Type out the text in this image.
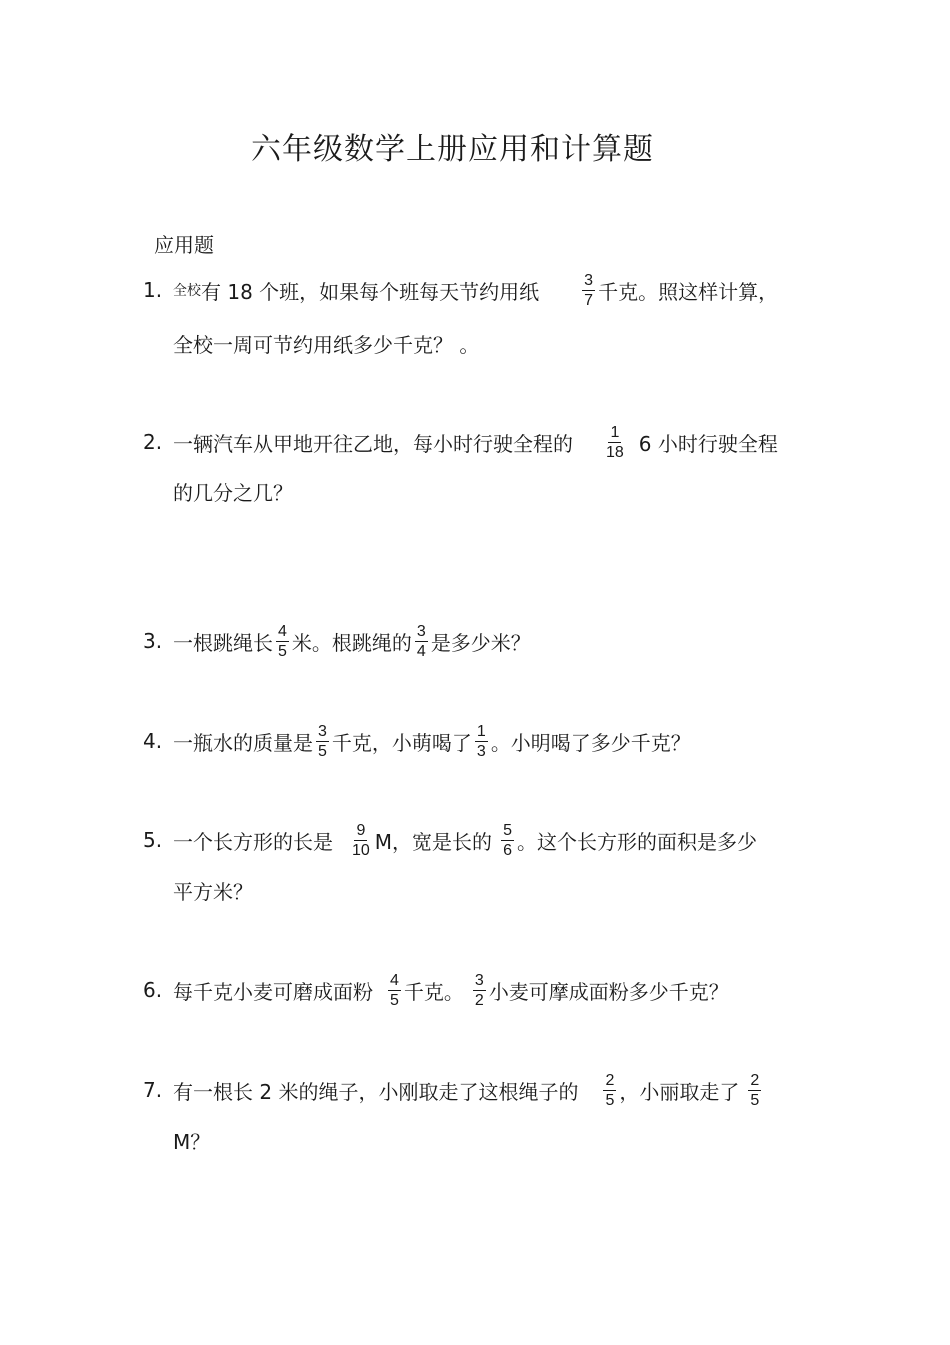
六年级数学上册应用和计算题
应用题
1. 全校 有 18 个班，如果每个班每天节约用纸	$\frac{3}{7}$ 千克。照这样计算，
全校一周可节约用纸多少千克？ 。
2. 一辆汽车从甲地开往乙地，每小时行驶全程的 $\frac{1}{18} 6$ 小时行驶全程
的几分之几？
3. 一根跳绳长 $\frac{4}{5}$ 米。根跳绳的 $\frac{3}{4}$ 是多少米？
4. 一瓶水的质量是 $\frac{3}{5}$ 千克，小萌喝了 $\frac{1}{3}$ 。小明喝了多少千克？
5. 一个长方形的长是 $\frac{9}{10}$ M，宽是长的 $\frac{5}{6}$ 。这个长方形的面积是多少
平方米？
6. 每千克小麦可磨成面粉 $\frac{4}{5}$ 千克。 $\frac{3}{2}$ 小麦可摩成面粉多少千克？
7. 有一根长 2 米的绳子，小刚取走了这根绳子的 $\frac{2}{5}$ ，小丽取走了 $\frac{2}{5}$
M？
